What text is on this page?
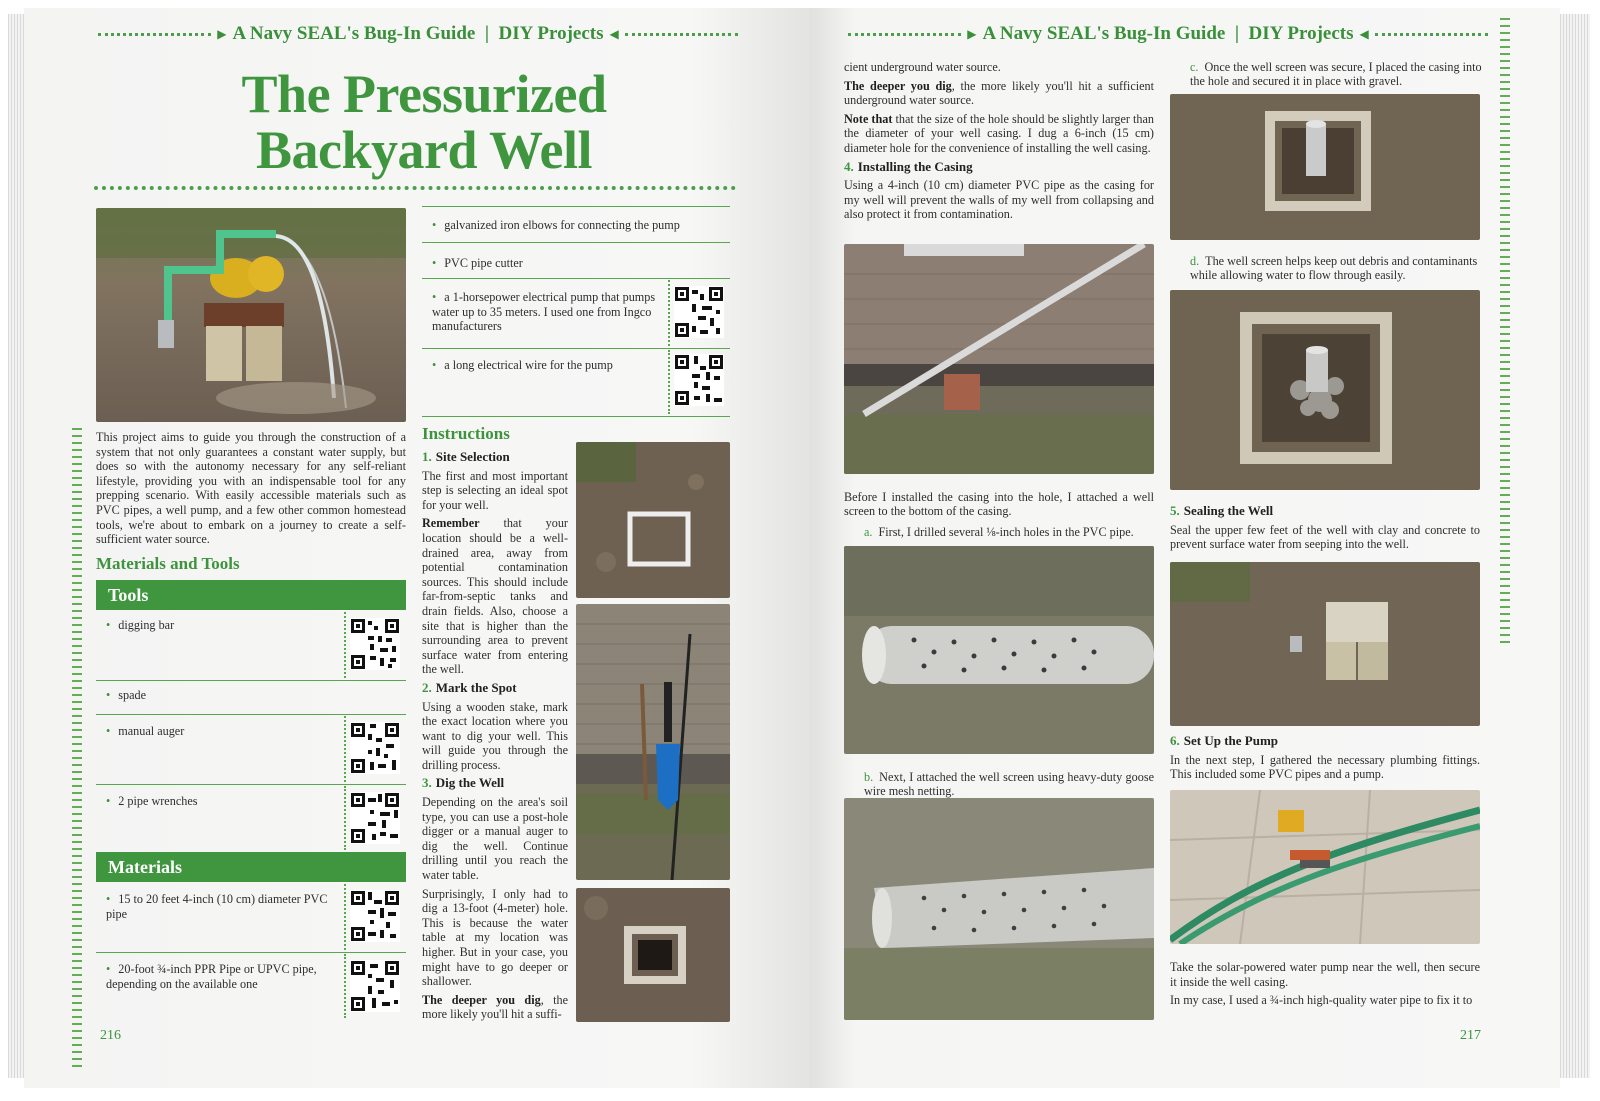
▶ A Navy SEAL's Bug-In Guide  |  DIY Projects ◀
The Pressurized
Backyard Well
This project aims to guide you through the construction of a system that not only guarantees a constant water supply, but does so with the autonomy necessary for any self-reliant lifestyle, providing you with an indispensable tool for any prepping scenario. With easily accessible materials such as PVC pipes, a well pump, and a few other common homestead tools, we're about to embark on a journey to create a self-sufficient water source.
Materials and Tools
Tools
• digging bar
• spade
• manual auger
• 2 pipe wrenches
Materials
• 15 to 20 feet 4-inch (10 cm) diameter PVC pipe
• 20-foot ¾-inch PPR Pipe or UPVC pipe, depending on the available one
• galvanized iron elbows for connecting the pump
• PVC pipe cutter
• a 1-horsepower electrical pump that pumps water up to 35 meters. I used one from Ingco manufacturers
• a long electrical wire for the pump
Instructions
1. Site Selection

The first and most important step is selecting an ideal spot for your well.

Remember that your location should be a well-drained area, away from potential contamination sources. This should include far-from-septic tanks and drain fields. Also, choose a site that is higher than the surrounding area to prevent surface water from entering the well.

2. Mark the Spot

Using a wooden stake, mark the exact location where you want to dig your well. This will guide you through the drilling process.

3. Dig the Well

Depending on the area's soil type, you can use a post-hole digger or a manual auger to dig the well. Continue drilling until you reach the water table.

Surprisingly, I only had to dig a 13-foot (4-meter) hole. This is because the water table at my location was higher. But in your case, you might have to go deeper or shallower.

The deeper you dig, the more likely you'll hit a suffi-

216
▶ A Navy SEAL's Bug-In Guide  |  DIY Projects ◀

cient underground water source.

The deeper you dig, the more likely you'll hit a sufficient underground water source.

Note that that the size of the hole should be slightly larger than the diameter of your well casing. I dug a 6-inch (15 cm) diameter hole for the convenience of installing the well casing.

4. Installing the Casing

Using a 4-inch (10 cm) diameter PVC pipe as the casing for my well will prevent the walls of my well from collapsing and also protect it from contamination.

Before I installed the casing into the hole, I attached a well screen to the bottom of the casing.
a. First, I drilled several ⅛-inch holes in the PVC pipe.
b. Next, I attached the well screen using heavy-duty goose wire mesh netting.
c. Once the well screen was secure, I placed the casing into the hole and secured it in place with gravel.
d. The well screen helps keep out debris and contaminants while allowing water to flow through easily.
5. Sealing the Well

Seal the upper few feet of the well with clay and concrete to prevent surface water from seeping into the well.

6. Set Up the Pump

In the next step, I gathered the necessary plumbing fittings. This included some PVC pipes and a pump.

Take the solar-powered water pump near the well, then secure it inside the well casing.

In my case, I used a ¾-inch high-quality water pipe to fix it to

217
